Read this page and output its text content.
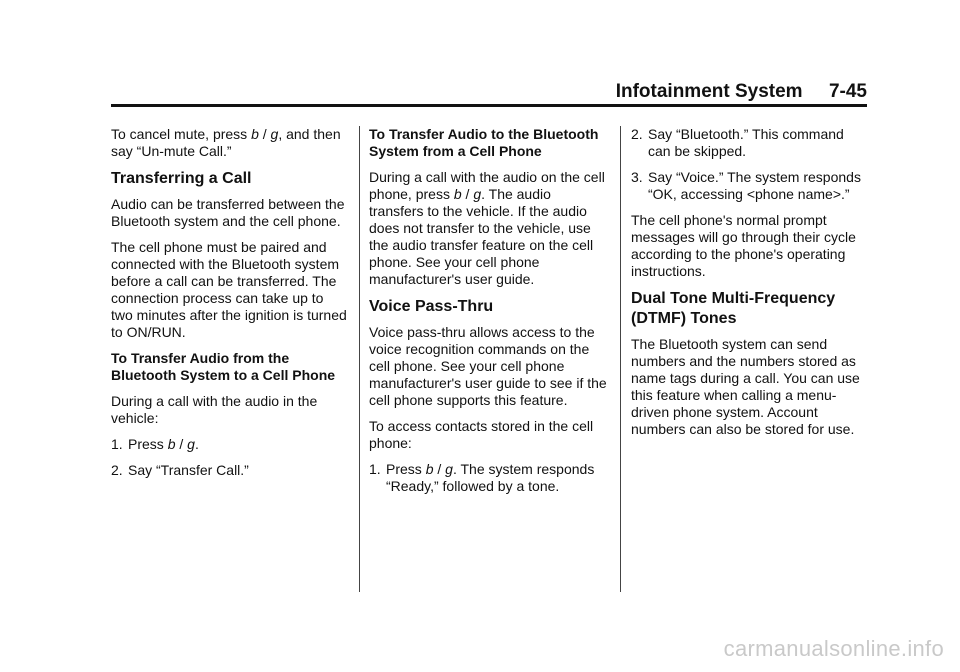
Infotainment System     7-45

To cancel mute, press b / g, and then say “Un-mute Call.”

Transferring a Call

Audio can be transferred between the Bluetooth system and the cell phone.

The cell phone must be paired and connected with the Bluetooth system before a call can be transferred. The connection process can take up to two minutes after the ignition is turned to ON/RUN.

To Transfer Audio from the Bluetooth System to a Cell Phone

During a call with the audio in the vehicle:

1. Press b / g.
2. Say “Transfer Call.”
To Transfer Audio to the Bluetooth System from a Cell Phone

During a call with the audio on the cell phone, press b / g. The audio transfers to the vehicle. If the audio does not transfer to the vehicle, use the audio transfer feature on the cell phone. See your cell phone manufacturer's user guide.

Voice Pass-Thru

Voice pass-thru allows access to the voice recognition commands on the cell phone. See your cell phone manufacturer's user guide to see if the cell phone supports this feature.

To access contacts stored in the cell phone:

1. Press b / g. The system responds “Ready,” followed by a tone.
2. Say “Bluetooth.” This command can be skipped.
3. Say “Voice.” The system responds “OK, accessing <phone name>.”

The cell phone's normal prompt messages will go through their cycle according to the phone's operating instructions.

Dual Tone Multi-Frequency (DTMF) Tones

The Bluetooth system can send numbers and the numbers stored as name tags during a call. You can use this feature when calling a menu-driven phone system. Account numbers can also be stored for use.

carmanualsonline.info
